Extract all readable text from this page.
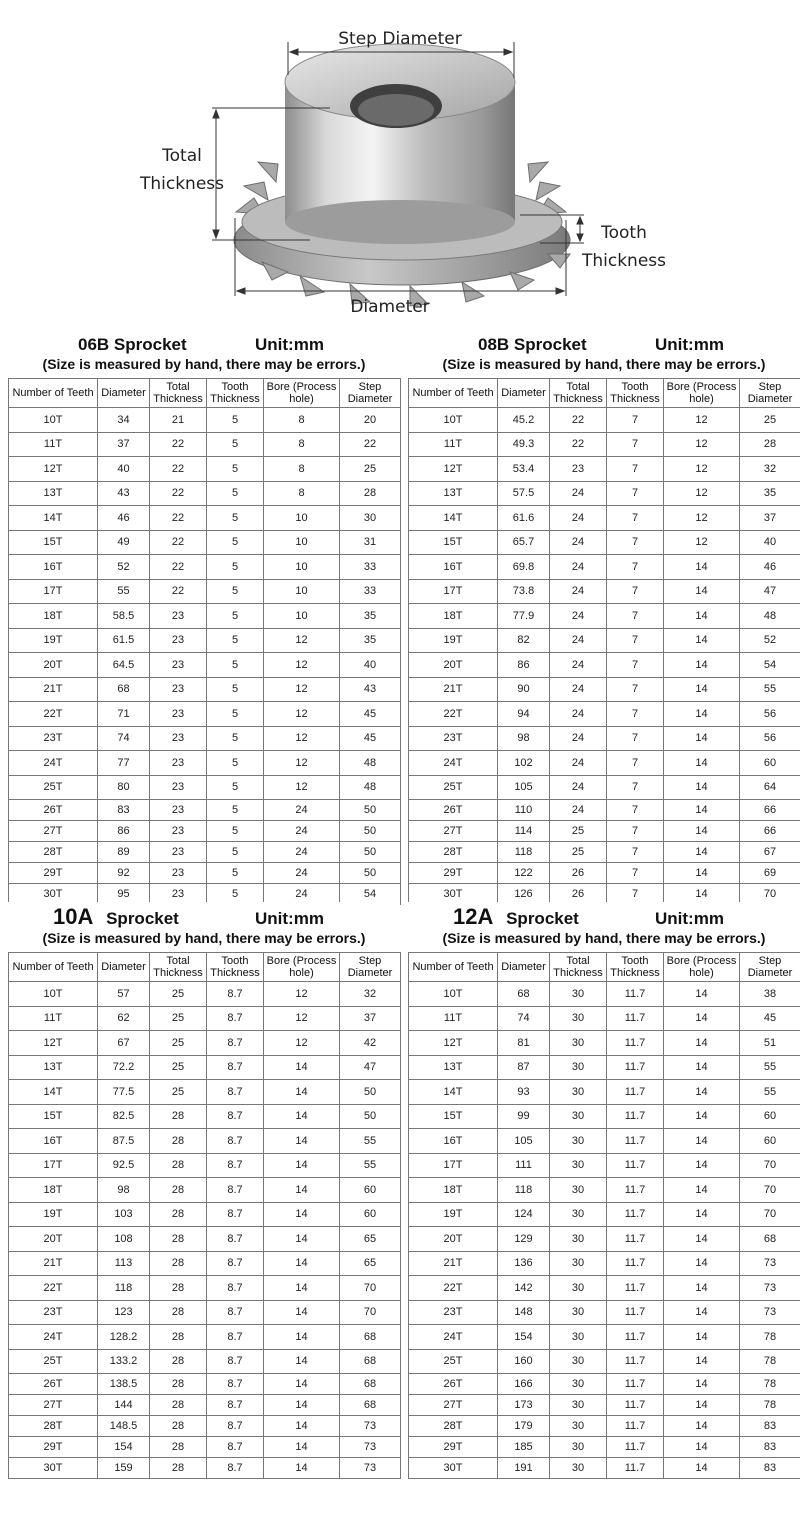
Step Diameter
Total
Thickness
Tooth
Thickness
Diameter
06B Sprocket	Unit:mm
(Size is measured by hand, there may be errors.)
Number of Teeth	Diameter	Total Thickness	Tooth Thickness	Bore (Process hole)	Step Diameter
10T	34	21	5	8	20
11T	37	22	5	8	22
12T	40	22	5	8	25
13T	43	22	5	8	28
14T	46	22	5	10	30
15T	49	22	5	10	31
16T	52	22	5	10	33
17T	55	22	5	10	33
18T	58.5	23	5	10	35
19T	61.5	23	5	12	35
20T	64.5	23	5	12	40
21T	68	23	5	12	43
22T	71	23	5	12	45
23T	74	23	5	12	45
24T	77	23	5	12	48
25T	80	23	5	12	48
26T	83	23	5	24	50
27T	86	23	5	24	50
28T	89	23	5	24	50
29T	92	23	5	24	50
30T	95	23	5	24	54
08B Sprocket	Unit:mm
(Size is measured by hand, there may be errors.)
Number of Teeth	Diameter	Total Thickness	Tooth Thickness	Bore (Process hole)	Step Diameter
10T	45.2	22	7	12	25
11T	49.3	22	7	12	28
12T	53.4	23	7	12	32
13T	57.5	24	7	12	35
14T	61.6	24	7	12	37
15T	65.7	24	7	12	40
16T	69.8	24	7	14	46
17T	73.8	24	7	14	47
18T	77.9	24	7	14	48
19T	82	24	7	14	52
20T	86	24	7	14	54
21T	90	24	7	14	55
22T	94	24	7	14	56
23T	98	24	7	14	56
24T	102	24	7	14	60
25T	105	24	7	14	64
26T	110	24	7	14	66
27T	114	25	7	14	66
28T	118	25	7	14	67
29T	122	26	7	14	69
30T	126	26	7	14	70
10A Sprocket	Unit:mm
(Size is measured by hand, there may be errors.)
Number of Teeth	Diameter	Total Thickness	Tooth Thickness	Bore (Process hole)	Step Diameter
10T	57	25	8.7	12	32
11T	62	25	8.7	12	37
12T	67	25	8.7	12	42
13T	72.2	25	8.7	14	47
14T	77.5	25	8.7	14	50
15T	82.5	28	8.7	14	50
16T	87.5	28	8.7	14	55
17T	92.5	28	8.7	14	55
18T	98	28	8.7	14	60
19T	103	28	8.7	14	60
20T	108	28	8.7	14	65
21T	113	28	8.7	14	65
22T	118	28	8.7	14	70
23T	123	28	8.7	14	70
24T	128.2	28	8.7	14	68
25T	133.2	28	8.7	14	68
26T	138.5	28	8.7	14	68
27T	144	28	8.7	14	68
28T	148.5	28	8.7	14	73
29T	154	28	8.7	14	73
30T	159	28	8.7	14	73
12A Sprocket	Unit:mm
(Size is measured by hand, there may be errors.)
Number of Teeth	Diameter	Total Thickness	Tooth Thickness	Bore (Process hole)	Step Diameter
10T	68	30	11.7	14	38
11T	74	30	11.7	14	45
12T	81	30	11.7	14	51
13T	87	30	11.7	14	55
14T	93	30	11.7	14	55
15T	99	30	11.7	14	60
16T	105	30	11.7	14	60
17T	111	30	11.7	14	70
18T	118	30	11.7	14	70
19T	124	30	11.7	14	70
20T	129	30	11.7	14	68
21T	136	30	11.7	14	73
22T	142	30	11.7	14	73
23T	148	30	11.7	14	73
24T	154	30	11.7	14	78
25T	160	30	11.7	14	78
26T	166	30	11.7	14	78
27T	173	30	11.7	14	78
28T	179	30	11.7	14	83
29T	185	30	11.7	14	83
30T	191	30	11.7	14	83
